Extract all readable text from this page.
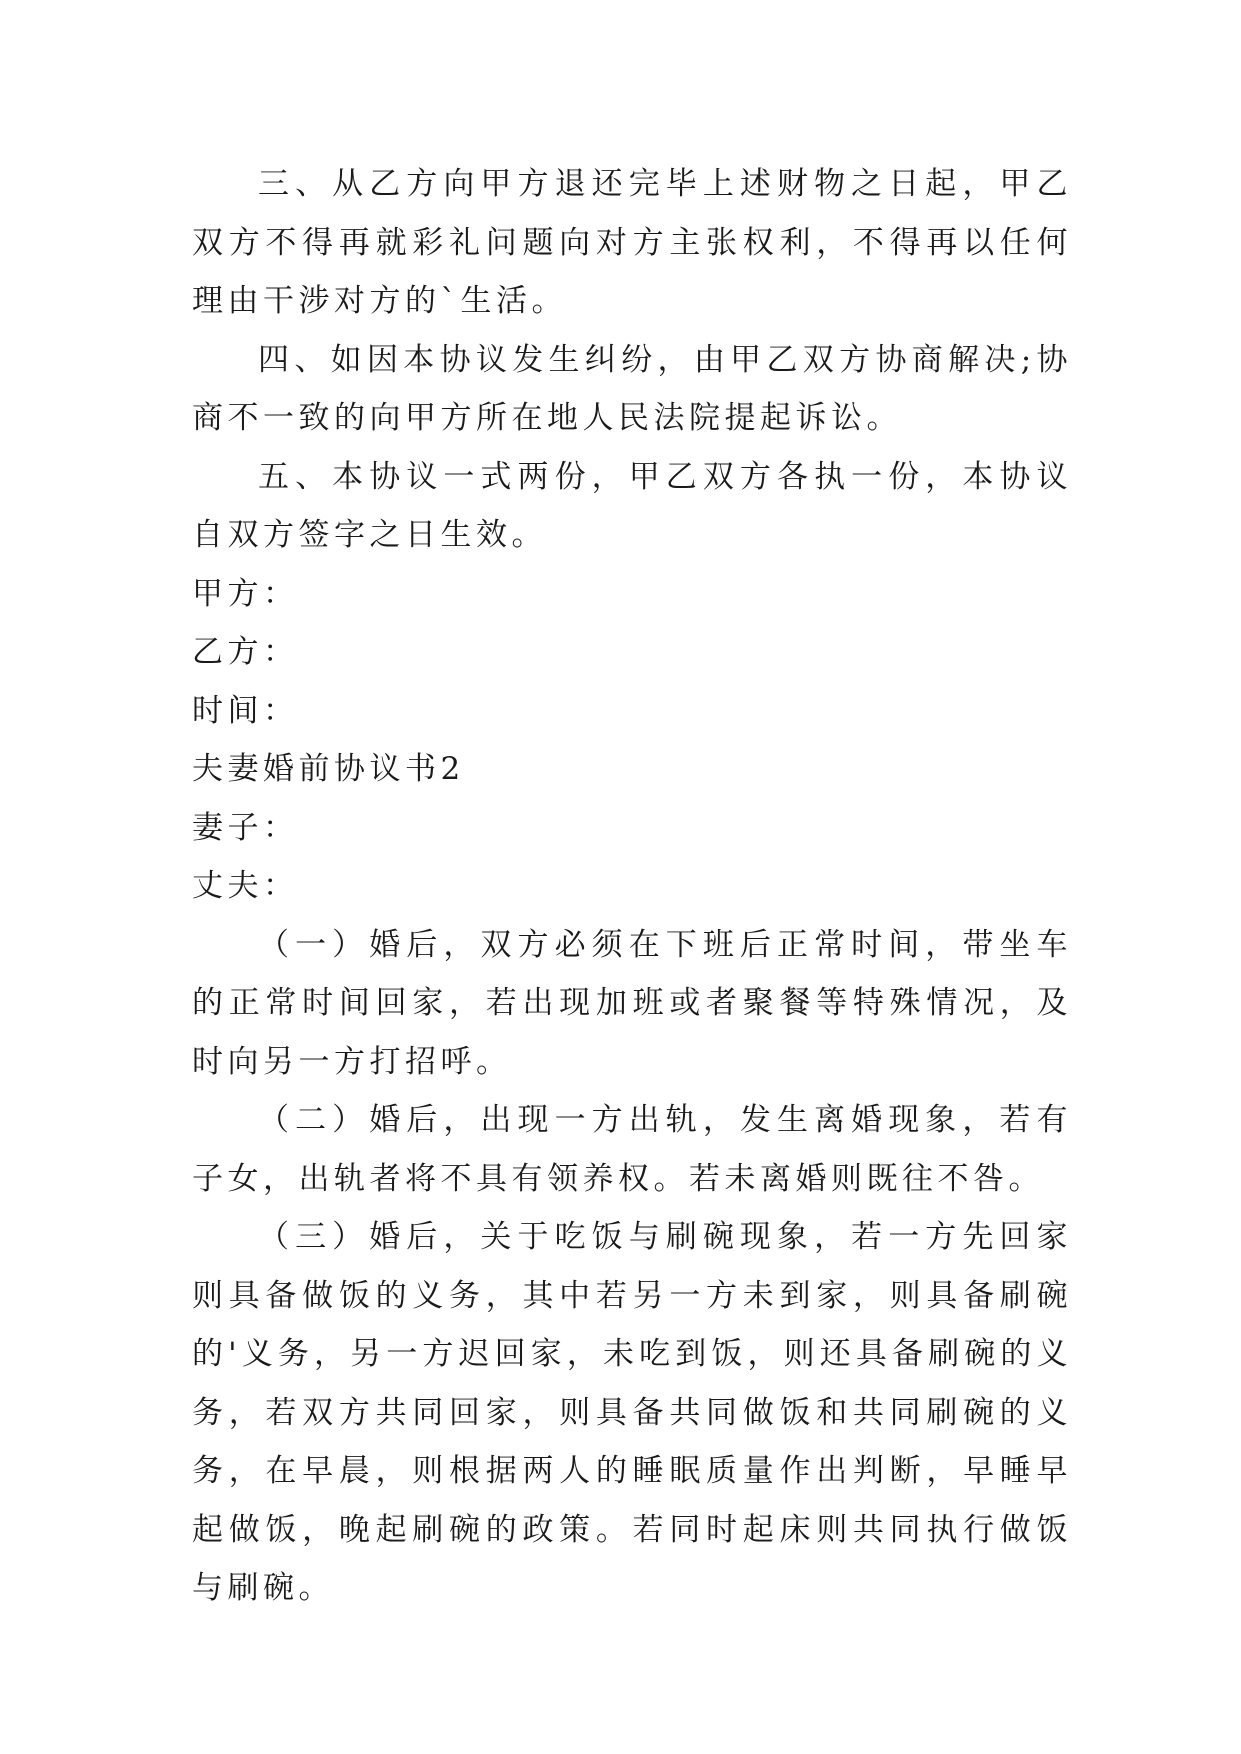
三、从乙方向甲方退还完毕上述财物之日起，甲乙双方不得再就彩礼问题向对方主张权利，不得再以任何理由干涉对方的`生活。

四、如因本协议发生纠纷，由甲乙双方协商解决;协商不一致的向甲方所在地人民法院提起诉讼。

五、本协议一式两份，甲乙双方各执一份，本协议自双方签字之日生效。

甲方：

乙方：

时间：

夫妻婚前协议书2

妻子：

丈夫：

（一）婚后，双方必须在下班后正常时间，带坐车的正常时间回家，若出现加班或者聚餐等特殊情况，及时向另一方打招呼。

（二）婚后，出现一方出轨，发生离婚现象，若有子女，出轨者将不具有领养权。若未离婚则既往不咎。

（三）婚后，关于吃饭与刷碗现象，若一方先回家则具备做饭的义务，其中若另一方未到家，则具备刷碗的'义务，另一方迟回家，未吃到饭，则还具备刷碗的义务，若双方共同回家，则具备共同做饭和共同刷碗的义务，在早晨，则根据两人的睡眠质量作出判断，早睡早起做饭，晚起刷碗的政策。若同时起床则共同执行做饭与刷碗。
